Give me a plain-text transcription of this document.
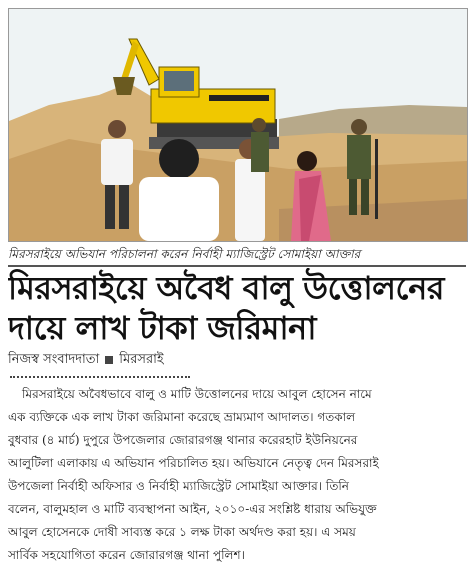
মিরসরাইয়ে অভিযান পরিচালনা করেন নির্বাহী ম্যাজিস্ট্রেট সোমাইয়া আক্তার
মিরসরাইয়ে অবৈধ বালু উত্তোলনের
দায়ে লাখ টাকা জরিমানা
নিজস্ব সংবাদদাতা মিরসরাই
মিরসরাইয়ে অবৈধভাবে বালু ও মাটি উত্তোলনের দায়ে আবুল হোসেন নামে
এক ব্যক্তিকে এক লাখ টাকা জরিমানা করেছে ভ্রাম্যমাণ আদালত। গতকাল
বুধবার (৪ মার্চ) দুপুরে উপজেলার জোরারগঞ্জ থানার করেরহাট ইউনিয়নের
আলুটিলা এলাকায় এ অভিযান পরিচালিত হয়। অভিযানে নেতৃত্ব দেন মিরসরাই
উপজেলা নির্বাহী অফিসার ও নির্বাহী ম্যাজিস্ট্রেট সোমাইয়া আক্তার। তিনি
বলেন, বালুমহাল ও মাটি ব্যবস্থাপনা আইন, ২০১০-এর সংশ্লিষ্ট ধারায় অভিযুক্ত
আবুল হোসেনকে দোষী সাব্যস্ত করে ১ লক্ষ টাকা অর্থদণ্ড করা হয়। এ সময়
সার্বিক সহযোগিতা করেন জোরারগঞ্জ থানা পুলিশ।
